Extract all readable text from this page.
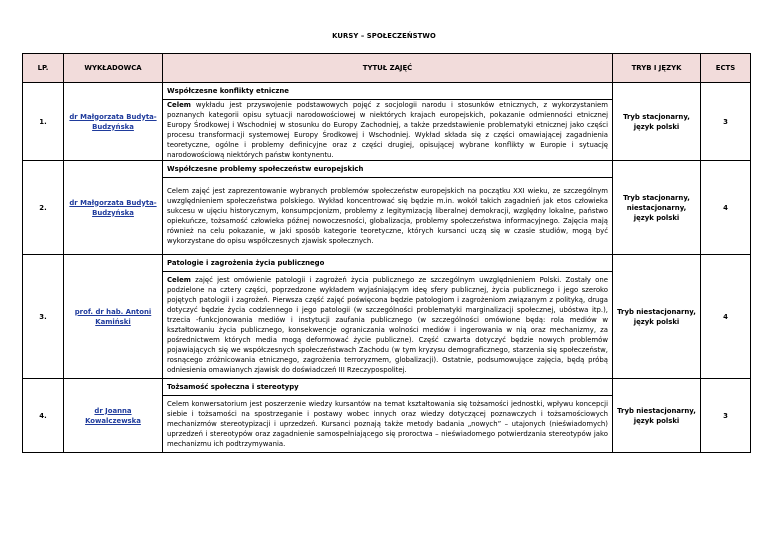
KURSY – SPOŁECZEŃSTWO
LP.	WYKŁADOWCA	TYTUŁ ZAJĘĆ	TRYB I JĘZYK	ECTS
1.	dr Małgorzata Budyta-Budzyńska	Współczesne konflikty etniczne	Tryb stacjonarny, język polski	3
		Celem wykładu jest przyswojenie podstawowych pojęć z socjologii narodu i stosunków etnicznych, z wykorzystaniem poznanych kategorii opisu sytuacji narodowościowej w niektórych krajach europejskich, pokazanie odmienności etnicznej Europy Środkowej i Wschodniej w stosunku do Europy Zachodniej, a także przedstawienie problematyki etnicznej jako części procesu transformacji systemowej Europy Środkowej i Wschodniej. Wykład składa się z części omawiającej zagadnienia teoretyczne, ogólne i problemy definicyjne oraz z części drugiej, opisującej wybrane konflikty w Europie i sytuację narodowościową niektórych państw kontynentu.		
2.	dr Małgorzata Budyta-Budzyńska	Współczesne problemy społeczeństw europejskich	Tryb stacjonarny, niestacjonarny, język polski	4
		Celem zajęć jest zaprezentowanie wybranych problemów społeczeństw europejskich na początku XXI wieku, ze szczególnym uwzględnieniem społeczeństwa polskiego. Wykład koncentrować się będzie m.in. wokół takich zagadnień jak etos człowieka sukcesu w ujęciu historycznym, konsumpcjonizm, problemy z legitymizacją liberalnej demokracji, względny lokalne, państwo opiekuńcze, tożsamość człowieka późnej nowoczesności, globalizacja, problemy społeczeństwa informacyjnego. Zajęcia mają również na celu pokazanie, w jaki sposób kategorie teoretyczne, których kursanci uczą się w czasie studiów, mogą być wykorzystane do opisu współczesnych zjawisk społecznych.		
3.	prof. dr hab. Antoni Kamiński	Patologie i zagrożenia życia publicznego	Tryb niestacjonarny, język polski	4
		Celem zajęć jest omówienie patologii i zagrożeń życia publicznego ze szczególnym uwzględnieniem Polski. Zostały one podzielone na cztery części, poprzedzone wykładem wyjaśniającym ideę sfery publicznej, życia publicznego i jego szeroko pojętych patologii i zagrożeń. Pierwsza część zajęć poświęcona będzie patologiom i zagrożeniom związanym z polityką, druga dotyczyć będzie życia codziennego i jego patologii (w szczególności problematyki marginalizacji społecznej, ubóstwa itp.), trzecia -funkcjonowania mediów i instytucji zaufania publicznego (w szczególności omówione będą: rola mediów w kształtowaniu życia publicznego, konsekwencje ograniczania wolności mediów i ingerowania w nią oraz mechanizmy, za pośrednictwem których media mogą deformować życie publiczne). Część czwarta dotyczyć będzie nowych problemów pojawiających się we współczesnych społeczeństwach Zachodu (w tym kryzysu demograficznego, starzenia się społeczeństw, rosnącego zróżnicowania etnicznego, zagrożenia terroryzmem, globalizacji). Ostatnie, podsumowujące zajęcia, będą próbą odniesienia omawianych zjawisk do doświadczeń III Rzeczypospolitej.		
4.	dr Joanna Kowalczewska	Tożsamość społeczna i stereotypy	Tryb niestacjonarny, język polski	3
		Celem konwersatorium jest poszerzenie wiedzy kursantów na temat kształtowania się tożsamości jednostki, wpływu koncepcji siebie i tożsamości na spostrzeganie i postawy wobec innych oraz wiedzy dotyczącej poznawczych i tożsamościowych mechanizmów stereotypizacji i uprzedzeń. Kursanci poznają także metody badania „nowych” – utajonych (nieświadomych) uprzedzeń i stereotypów oraz zagadnienie samospełniającego się proroctwa – nieświadomego potwierdzania stereotypów jako mechanizmu ich podtrzymywania.		
